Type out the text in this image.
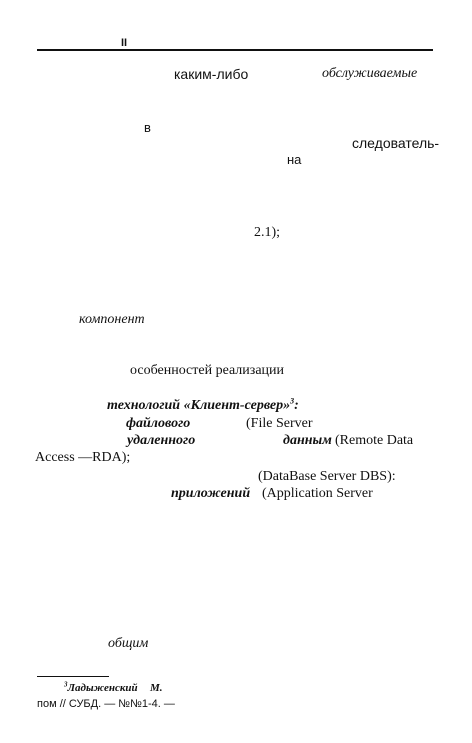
II
каким-либо	обслуживаемые
в
следователь-
на
2.1);
компонент
особенностей реализации
технологий «Клиент-сервер»$^3$:
файлового	(File Server
удаленного	данным (Remote Data
Access —RDA);
(DataBase Server DBS):
приложений (Application Server
общим
$^3$Ладыженский М.
пом // СУБД. — №№1-4. —
